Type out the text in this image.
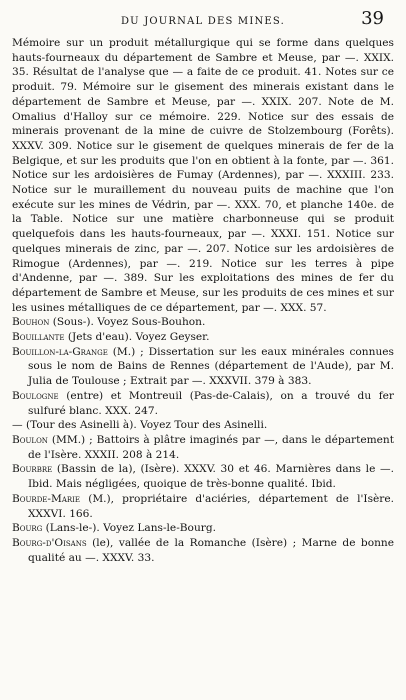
DU JOURNAL DES MINES.	39

Mémoire sur un produit métallurgique qui se forme dans quelques hauts-fourneaux du département de Sambre et Meuse, par —. XXIX. 35. Résultat de l'analyse que — a faite de ce produit. 41. Notes sur ce produit. 79. Mémoire sur le gisement des minerais existant dans le département de Sambre et Meuse, par —. XXIX. 207. Note de M. Omalius d'Halloy sur ce mémoire. 229. Notice sur des essais de minerais provenant de la mine de cuivre de Stolzembourg (Forêts). XXXV. 309. Notice sur le gisement de quelques minerais de fer de la Belgique, et sur les produits que l'on en obtient à la fonte, par —. 361. Notice sur les ardoisières de Fumay (Ardennes), par —. XXXIII. 233. Notice sur le muraillement du nouveau puits de machine que l'on exécute sur les mines de Védrin, par —. XXX. 70, et planche 140e. de la Table. Notice sur une matière charbonneuse qui se produit quelquefois dans les hauts-fourneaux, par —. XXXI. 151. Notice sur quelques minerais de zinc, par —. 207. Notice sur les ardoisières de Rimogue (Ardennes), par —. 219. Notice sur les terres à pipe d'Andenne, par —. 389. Sur les exploitations des mines de fer du département de Sambre et Meuse, sur les produits de ces mines et sur les usines métalliques de ce département, par —. XXX. 57.

Bouhon (Sous-). Voyez Sous-Bouhon.

Bouillante (Jets d'eau). Voyez Geyser.

Bouillon-la-Grange (M.) ; Dissertation sur les eaux minérales connues sous le nom de Bains de Rennes (département de l'Aude), par M. Julia de Toulouse ; Extrait par —. XXXVII. 379 à 383.

Boulogne (entre) et Montreuil (Pas-de-Calais), on a trouvé du fer sulfuré blanc. XXX. 247.

— (Tour des Asinelli à). Voyez Tour des Asinelli.

Boulon (MM.) ; Battoirs à plâtre imaginés par —, dans le département de l'Isère. XXXII. 208 à 214.

Bourbre (Bassin de la), (Isère). XXXV. 30 et 46. Marnières dans le —. Ibid. Mais négligées, quoique de très-bonne qualité. Ibid.

Bourde-Marie (M.), propriétaire d'aciéries, département de l'Isère. XXXVI. 166.

Bourg (Lans-le-). Voyez Lans-le-Bourg.

Bourg-d'Oisans (le), vallée de la Romanche (Isère) ; Marne de bonne qualité au —. XXXV. 33.
